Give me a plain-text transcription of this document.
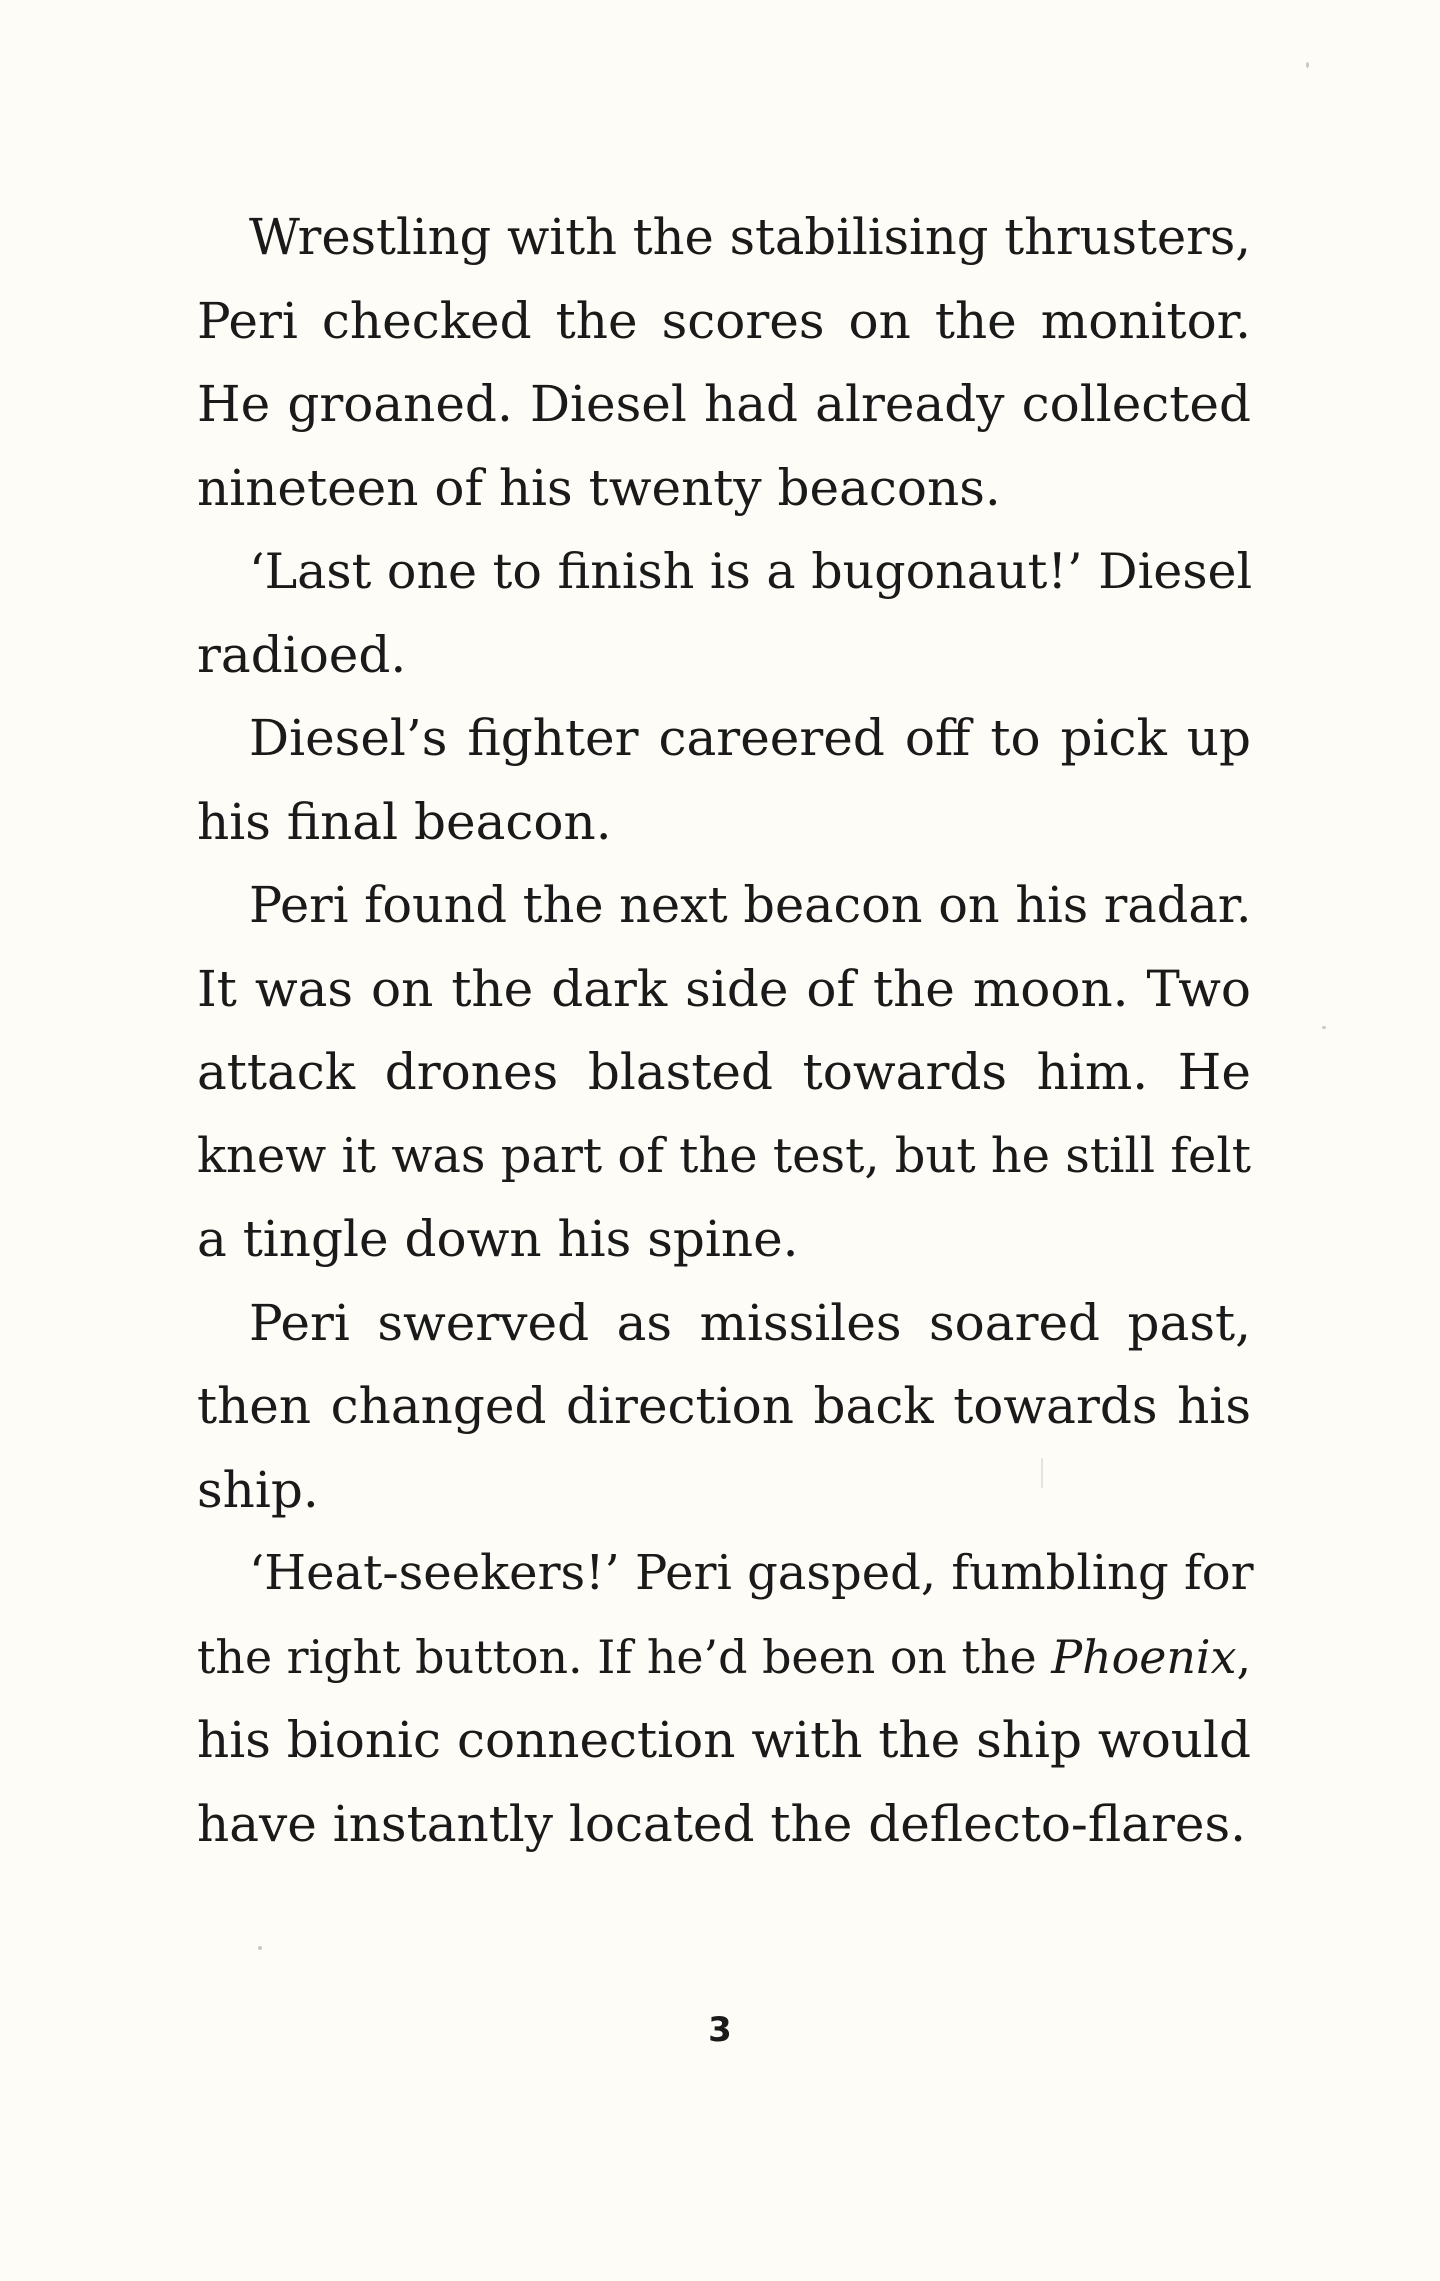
Wrestling with the stabilising thrusters,
Peri checked the scores on the monitor.
He groaned. Diesel had already collected
nineteen of his twenty beacons.
‘Last one to finish is a bugonaut!’ Diesel
radioed.
Diesel’s fighter careered off to pick up
his final beacon.
Peri found the next beacon on his radar.
It was on the dark side of the moon. Two
attack drones blasted towards him. He
knew it was part of the test, but he still felt
a tingle down his spine.
Peri swerved as missiles soared past,
then changed direction back towards his
ship.
‘Heat-seekers!’ Peri gasped, fumbling for
the right button. If he’d been on the Phoenix,
his bionic connection with the ship would
have instantly located the deflecto-flares.
3
